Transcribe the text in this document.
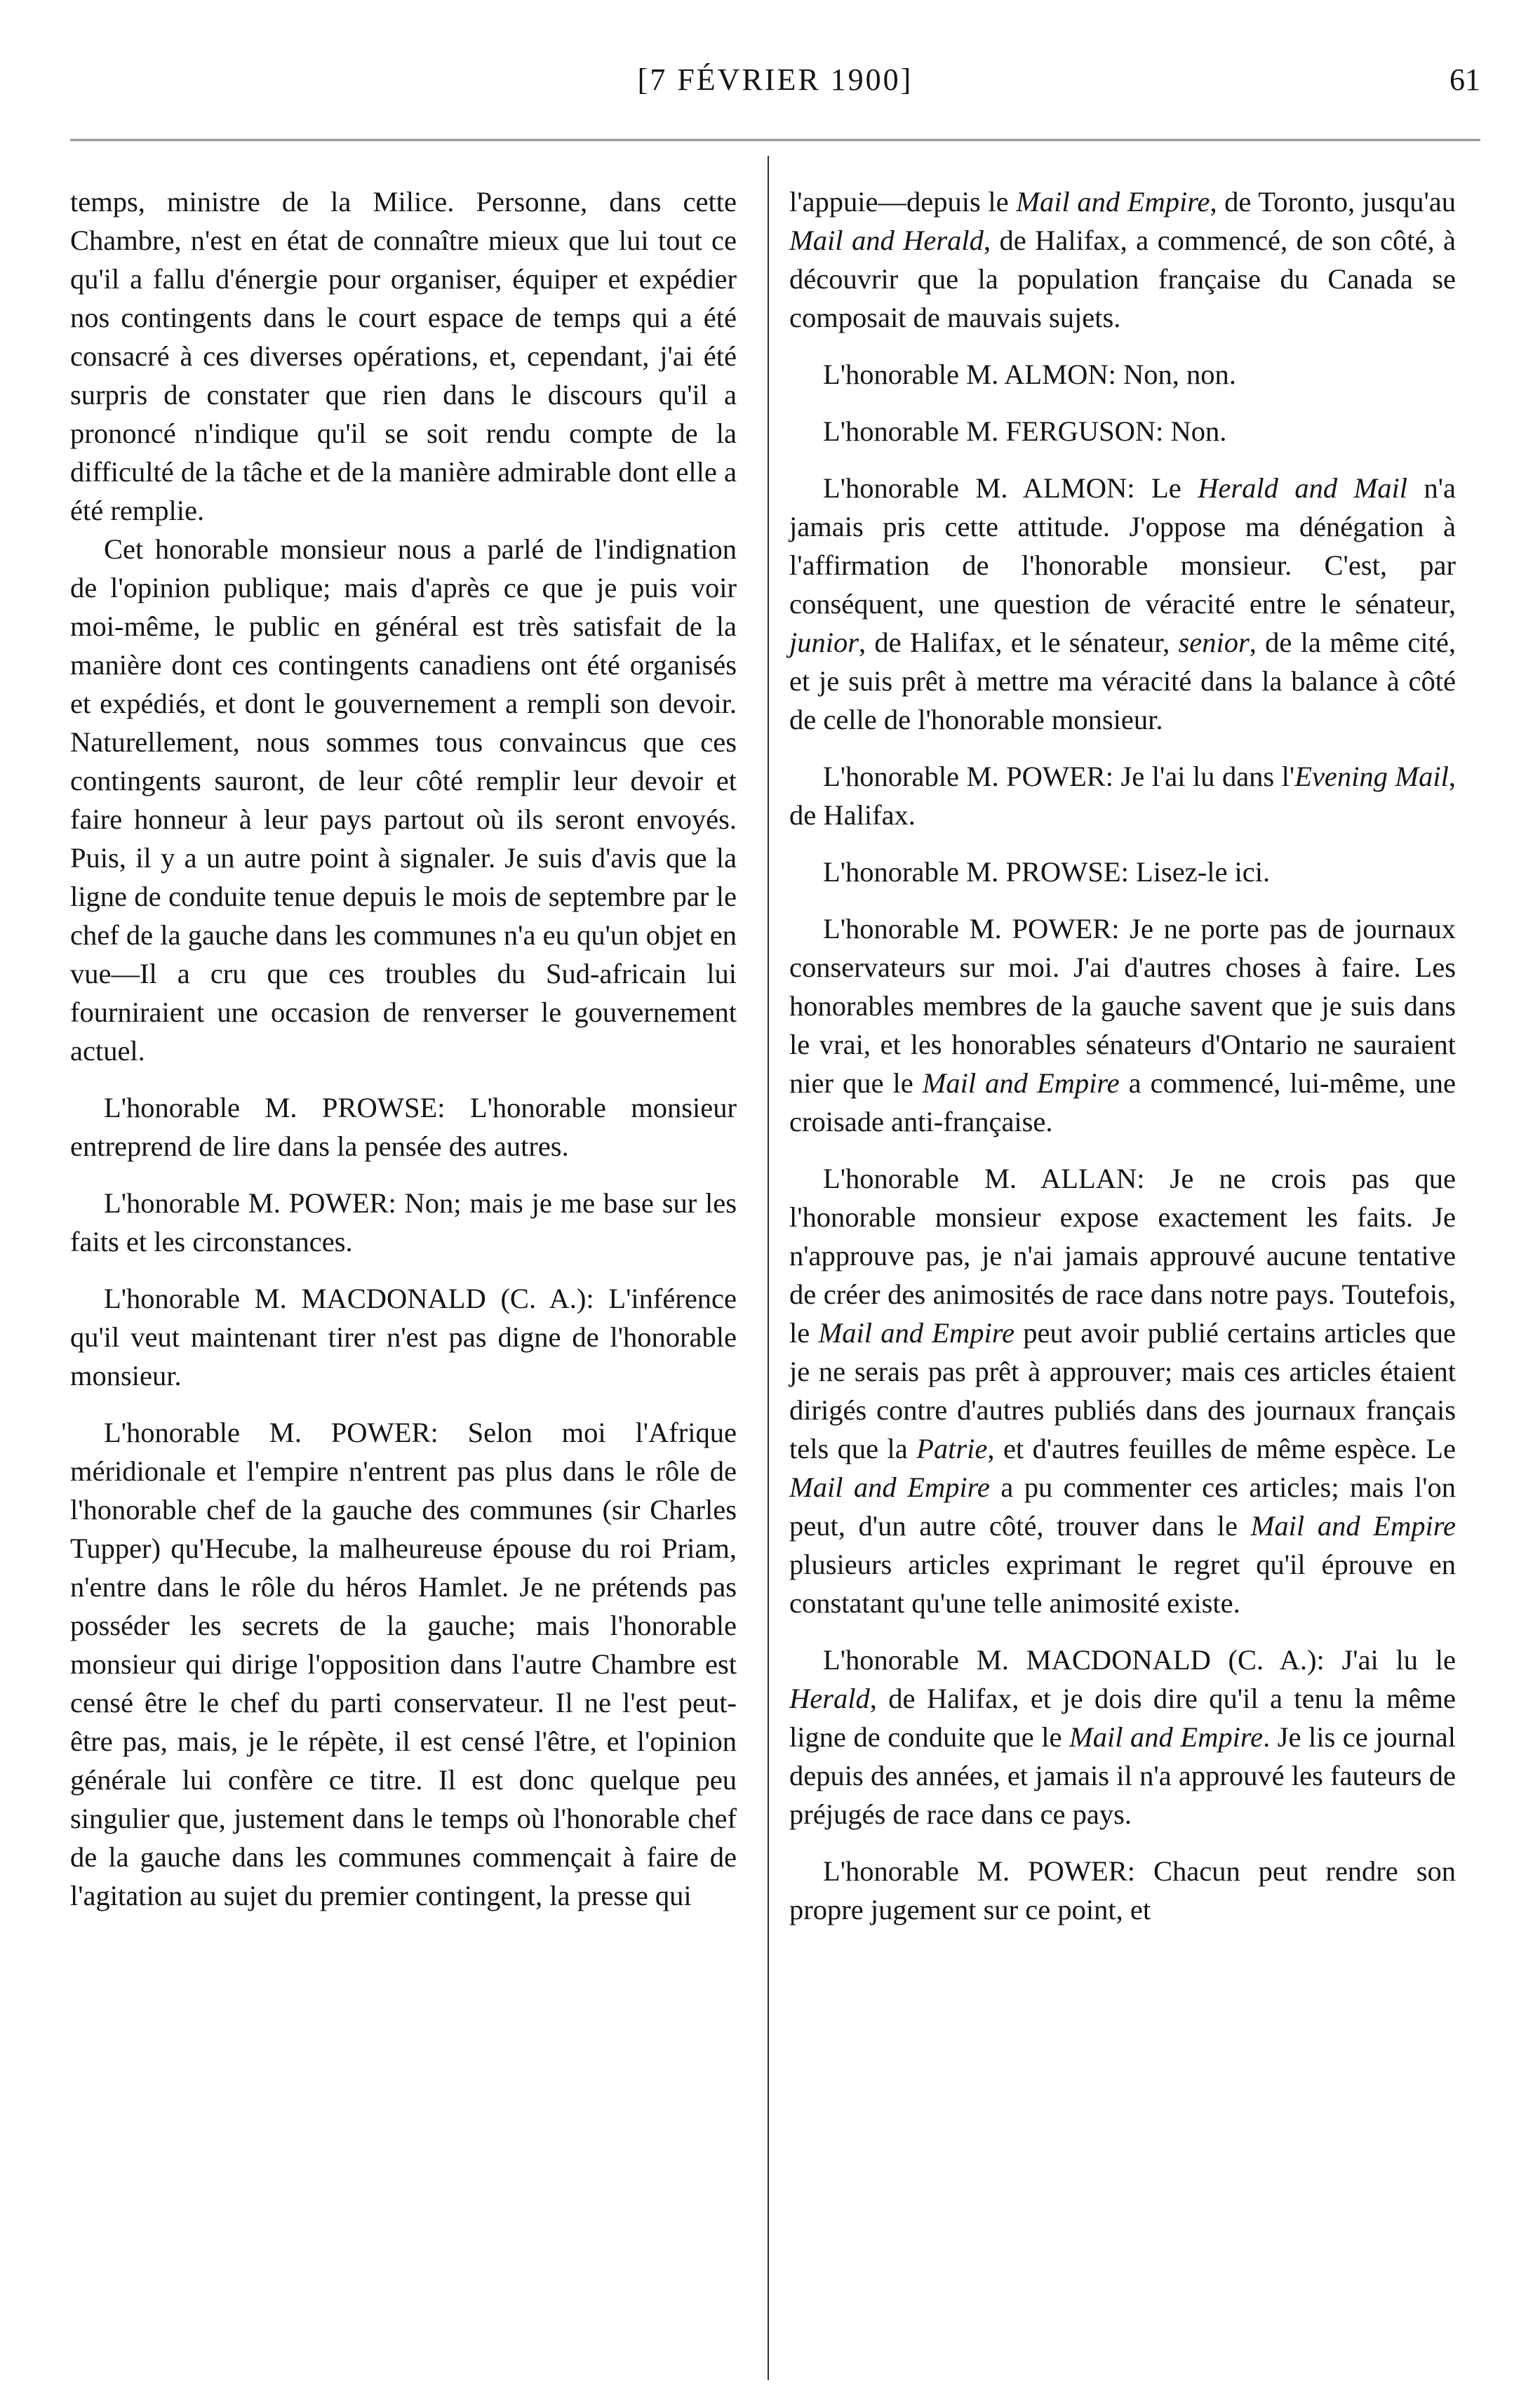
[7 FÉVRIER 1900]	61

temps, ministre de la Milice. Personne, dans cette Chambre, n'est en état de connaître mieux que lui tout ce qu'il a fallu d'énergie pour organiser, équiper et expédier nos contingents dans le court espace de temps qui a été consacré à ces diverses opérations, et, cependant, j'ai été surpris de constater que rien dans le discours qu'il a prononcé n'indique qu'il se soit rendu compte de la difficulté de la tâche et de la manière admirable dont elle a été remplie.

Cet honorable monsieur nous a parlé de l'indignation de l'opinion publique; mais d'après ce que je puis voir moi-même, le public en général est très satisfait de la manière dont ces contingents canadiens ont été organisés et expédiés, et dont le gouvernement a rempli son devoir. Naturellement, nous sommes tous convaincus que ces contingents sauront, de leur côté remplir leur devoir et faire honneur à leur pays partout où ils seront envoyés. Puis, il y a un autre point à signaler. Je suis d'avis que la ligne de conduite tenue depuis le mois de septembre par le chef de la gauche dans les communes n'a eu qu'un objet en vue—Il a cru que ces troubles du Sud-africain lui fourniraient une occasion de renverser le gouvernement actuel.

L'honorable M. PROWSE: L'honorable monsieur entreprend de lire dans la pensée des autres.

L'honorable M. POWER: Non; mais je me base sur les faits et les circonstances.

L'honorable M. MACDONALD (C. A.): L'inférence qu'il veut maintenant tirer n'est pas digne de l'honorable monsieur.

L'honorable M. POWER: Selon moi l'Afrique méridionale et l'empire n'entrent pas plus dans le rôle de l'honorable chef de la gauche des communes (sir Charles Tupper) qu'Hecube, la malheureuse épouse du roi Priam, n'entre dans le rôle du héros Hamlet. Je ne prétends pas posséder les secrets de la gauche; mais l'honorable monsieur qui dirige l'opposition dans l'autre Chambre est censé être le chef du parti conservateur. Il ne l'est peut-être pas, mais, je le répète, il est censé l'être, et l'opinion générale lui confère ce titre. Il est donc quelque peu singulier que, justement dans le temps où l'honorable chef de la gauche dans les communes commençait à faire de l'agitation au sujet du premier contingent, la presse qui

l'appuie—depuis le Mail and Empire, de Toronto, jusqu'au Mail and Herald, de Halifax, a commencé, de son côté, à découvrir que la population française du Canada se composait de mauvais sujets.

L'honorable M. ALMON: Non, non.

L'honorable M. FERGUSON: Non.

L'honorable M. ALMON: Le Herald and Mail n'a jamais pris cette attitude. J'oppose ma dénégation à l'affirmation de l'honorable monsieur. C'est, par conséquent, une question de véracité entre le sénateur, junior, de Halifax, et le sénateur, senior, de la même cité, et je suis prêt à mettre ma véracité dans la balance à côté de celle de l'honorable monsieur.

L'honorable M. POWER: Je l'ai lu dans l'Evening Mail, de Halifax.

L'honorable M. PROWSE: Lisez-le ici.

L'honorable M. POWER: Je ne porte pas de journaux conservateurs sur moi. J'ai d'autres choses à faire. Les honorables membres de la gauche savent que je suis dans le vrai, et les honorables sénateurs d'Ontario ne sauraient nier que le Mail and Empire a commencé, lui-même, une croisade anti-française.

L'honorable M. ALLAN: Je ne crois pas que l'honorable monsieur expose exactement les faits. Je n'approuve pas, je n'ai jamais approuvé aucune tentative de créer des animosités de race dans notre pays. Toutefois, le Mail and Empire peut avoir publié certains articles que je ne serais pas prêt à approuver; mais ces articles étaient dirigés contre d'autres publiés dans des journaux français tels que la Patrie, et d'autres feuilles de même espèce. Le Mail and Empire a pu commenter ces articles; mais l'on peut, d'un autre côté, trouver dans le Mail and Empire plusieurs articles exprimant le regret qu'il éprouve en constatant qu'une telle animosité existe.

L'honorable M. MACDONALD (C. A.): J'ai lu le Herald, de Halifax, et je dois dire qu'il a tenu la même ligne de conduite que le Mail and Empire. Je lis ce journal depuis des années, et jamais il n'a approuvé les fauteurs de préjugés de race dans ce pays.

L'honorable M. POWER: Chacun peut rendre son propre jugement sur ce point, et
